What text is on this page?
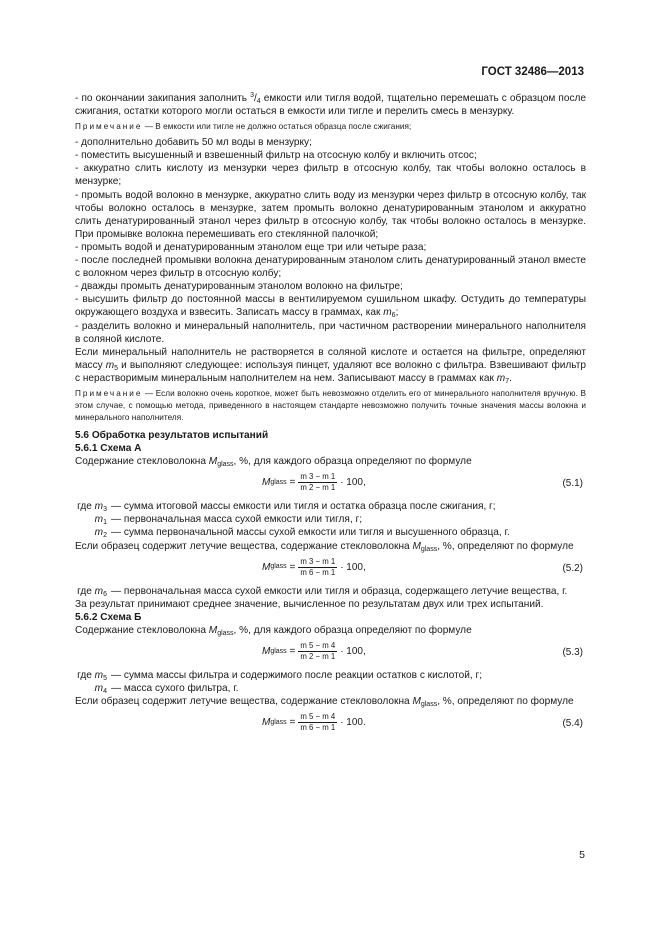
ГОСТ 32486—2013

- по окончании закипания заполнить $^3/_4$ емкости или тигля водой, тщательно перемешать с образцом после сжигания, остатки которого могли остаться в емкости или тигле и перелить смесь в мензурку.

Примечание — В емкости или тигле не должно остаться образца после сжигания;

- дополнительно добавить 50 мл воды в мензурку;

- поместить высушенный и взвешенный фильтр на отсосную колбу и включить отсос;

- аккуратно слить кислоту из мензурки через фильтр в отсосную колбу, так чтобы волокно осталось в мензурке;

- промыть водой волокно в мензурке, аккуратно слить воду из мензурки через фильтр в отсосную колбу, так чтобы волокно осталось в мензурке, затем промыть волокно денатурированным этанолом и аккуратно слить денатурированный этанол через фильтр в отсосную колбу, так чтобы волокно осталось в мензурке. При промывке волокна перемешивать его стеклянной палочкой;

- промыть водой и денатурированным этанолом еще три или четыре раза;

- после последней промывки волокна денатурированным этанолом слить денатурированный этанол вместе с волокном через фильтр в отсосную колбу;

- дважды промыть денатурированным этанолом волокно на фильтре;

- высушить фильтр до постоянной массы в вентилируемом сушильном шкафу. Остудить до температуры окружающего воздуха и взвесить. Записать массу в граммах, как $m_6$;

- разделить волокно и минеральный наполнитель, при частичном растворении минерального наполнителя в соляной кислоте.

Если минеральный наполнитель не растворяется в соляной кислоте и остается на фильтре, определяют массу $m_5$ и выполняют следующее: используя пинцет, удаляют все волокно с фильтра. Взвешивают фильтр с нерастворимым минеральным наполнителем на нем. Записывают массу в граммах как $m_7$.

Примечание — Если волокно очень короткое, может быть невозможно отделить его от минерального наполнителя вручную. В этом случае, с помощью метода, приведенного в настоящем стандарте невозможно получить точные значения массы волокна и минерального наполнителя.

5.6 Обработка результатов испытаний

5.6.1 Схема А

Содержание стекловолокна $M_{glass}$, %, для каждого образца определяют по формуле

M glass
= $\frac{m 3 - m 1}{m 2 - m 1} \cdot 100$,	(5.1)
где $m_3$ — сумма итоговой массы емкости или тигля и остатка образца после сжигания, г;
$m_1$ — первоначальная масса сухой емкости или тигля, г;
$m_2$ — сумма первоначальной массы сухой емкости или тигля и высушенного образца, г.

Если образец содержит летучие вещества, содержание стекловолокна $M_{glass}$, %, определяют по формуле

M glass
= $\frac{m 3 - m 1}{m 6 - m 1} \cdot 100$,	(5.2)
где $m_6$ — первоначальная масса сухой емкости или тигля и образца, содержащего летучие вещества, г.

За результат принимают среднее значение, вычисленное по результатам двух или трех испытаний.

5.6.2 Схема Б

Содержание стекловолокна $M_{glass}$, %, для каждого образца определяют по формуле

M glass
= $\frac{m 5 - m 4}{m 2 - m 1} \cdot 100$,	(5.3)
где $m_5$ — сумма массы фильтра и содержимого после реакции остатков с кислотой, г;
$m_4$ — масса сухого фильтра, г.

Если образец содержит летучие вещества, содержание стекловолокна $M_{glass}$, %, определяют по формуле

M glass
= $\frac{m 5 - m 4}{m 6 - m 1} \cdot 100$.	(5.4)
5
